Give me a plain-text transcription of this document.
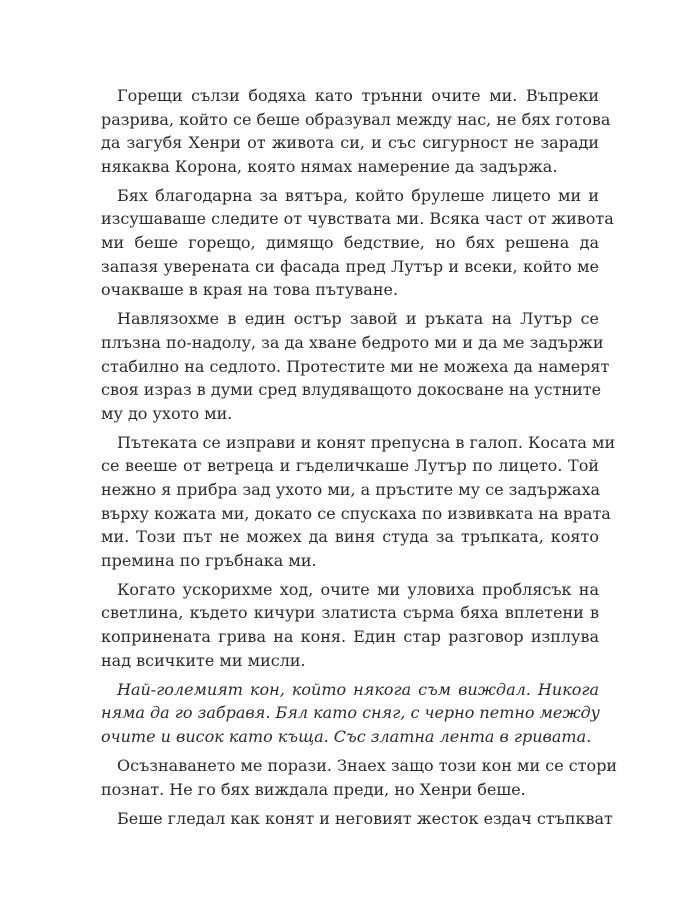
Горещи сълзи бодяха като трънни очите ми. Въпреки
разрива, който се беше образувал между нас, не бях готова
да загубя Хенри от живота си, и със сигурност не заради
някаква Корона, която нямах намерение да задържа.

Бях благодарна за вятъра, който брулеше лицето ми и
изсушаваше следите от чувствата ми. Всяка част от живота
ми беше горещо, димящо бедствие, но бях решена да
запазя уверената си фасада пред Лутър и всеки, който ме
очакваше в края на това пътуване.

Навлязохме в един остър завой и ръката на Лутър се
плъзна по-надолу, за да хване бедрото ми и да ме задържи
стабилно на седлото. Протестите ми не можеха да намерят
своя израз в думи сред влудяващото докосване на устните
му до ухото ми.

Пътеката се изправи и конят препусна в галоп. Косата ми
се вееше от ветреца и гъделичкаше Лутър по лицето. Той
нежно я прибра зад ухото ми, а пръстите му се задържаха
върху кожата ми, докато се спускаха по извивката на врата
ми. Този път не можех да виня студа за тръпката, която
премина по гръбнака ми.

Когато ускорихме ход, очите ми уловиха проблясък на
светлина, където кичури златиста сърма бяха вплетени в
копринената грива на коня. Един стар разговор изплува
над всичките ми мисли.

Най-големият кон, който някога съм виждал. Никога
няма да го забравя. Бял като сняг, с черно петно между
очите и висок като къща. Със златна лента в гривата.

Осъзнаването ме порази. Знаех защо този кон ми се стори
познат. Не го бях виждала преди, но Хенри беше.

Беше гледал как конят и неговият жесток ездач стъпкват
